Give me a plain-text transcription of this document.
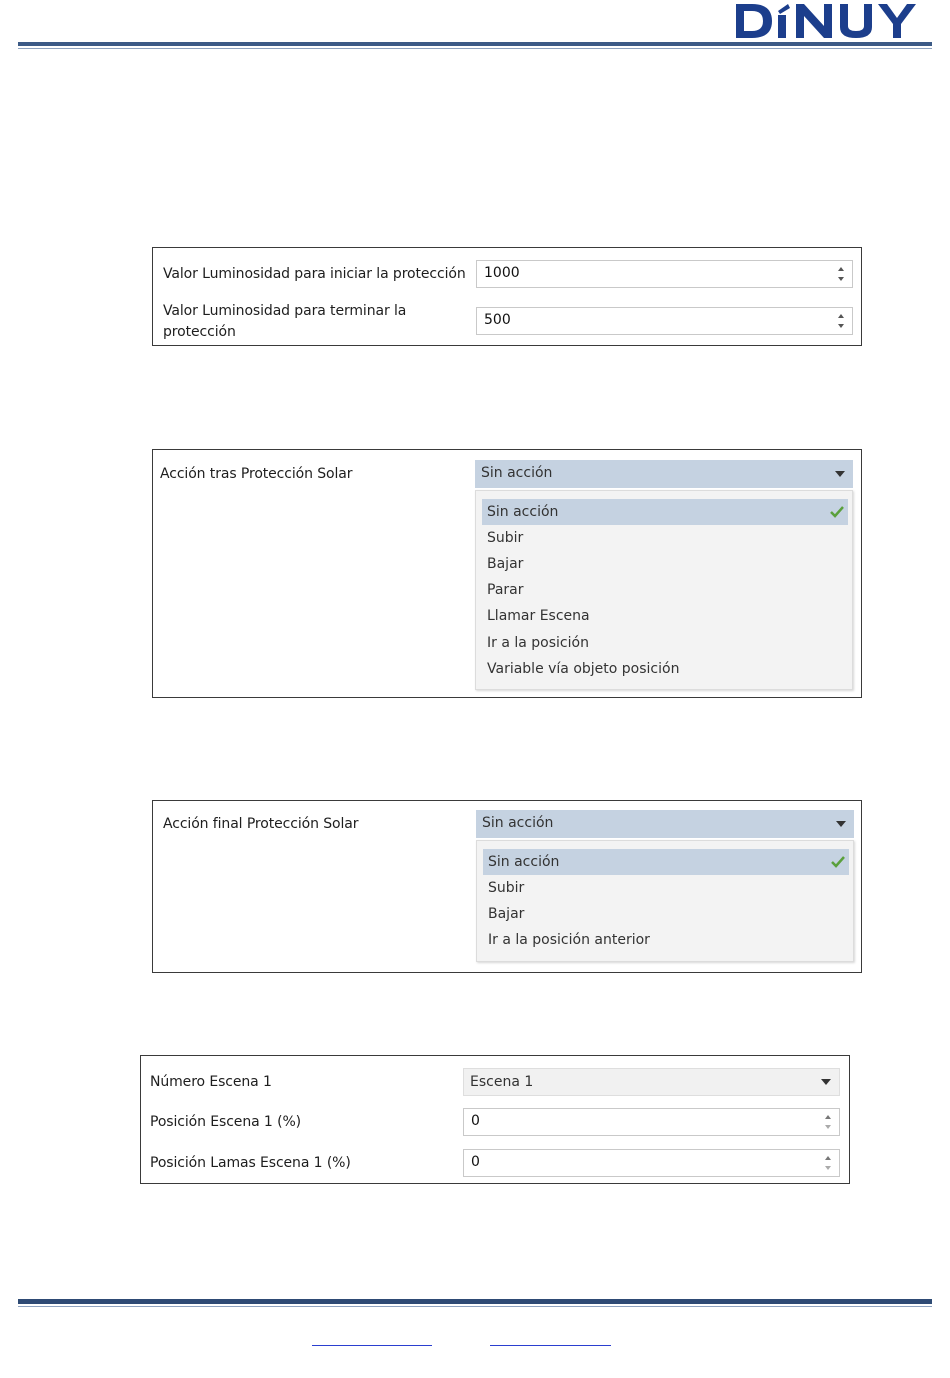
Valor Luminosidad para iniciar la protección 1000
Valor Luminosidad para terminar la
protección
500
Acción tras Protección Solar	Sin acción
Sin acción
Subir
Bajar
Parar
Llamar Escena
Ir a la posición
Variable vía objeto posición
Acción final Protección Solar	Sin acción
Sin acción
Subir
Bajar
Ir a la posición anterior
Número Escena 1	Escena 1
Posición Escena 1 (%)	0
Posición Lamas Escena 1 (%)	0
